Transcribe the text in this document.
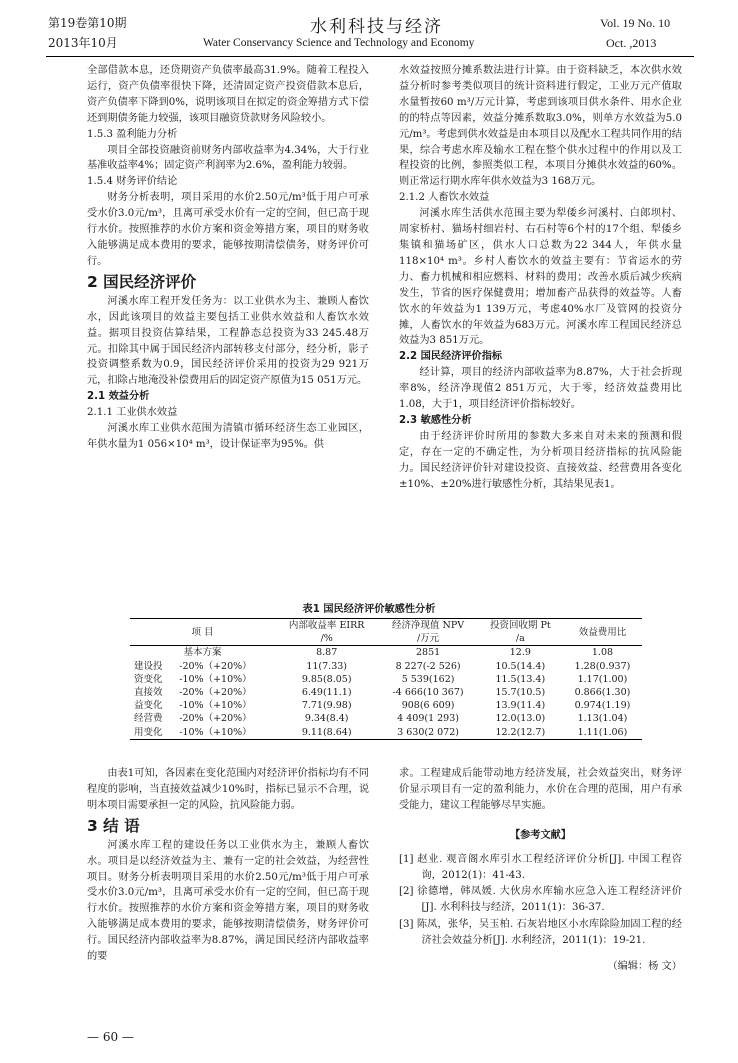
第19卷第10期
2013年10月
水利科技与经济
Water Conservancy Science and Technology and Economy
Vol. 19 No. 10
Oct. ,2013

全部借款本息，还贷期资产负债率最高31.9%。随着工程投入运行，资产负债率很快下降，还清固定资产投资借款本息后，资产负债率下降到0%，说明该项目在拟定的资金筹措方式下偿还到期债务能力较强，该项目融资贷款财务风险较小。

1.5.3 盈利能力分析

项目全部投资融资前财务内部收益率为4.34%，大于行业基准收益率4%；固定资产利润率为2.6%，盈利能力较弱。

1.5.4 财务评价结论

财务分析表明，项目采用的水价2.50元/m³低于用户可承受水价3.0元/m³，且离可承受水价有一定的空间，但已高于现行水价。按照推荐的水价方案和资金筹措方案，项目的财务收入能够满足成本费用的要求，能够按期清偿债务，财务评价可行。

2 国民经济评价

河溪水库工程开发任务为：以工业供水为主、兼顾人畜饮水，因此该项目的效益主要包括工业供水效益和人畜饮水效益。据项目投资估算结果，工程静态总投资为33 245.48万元。扣除其中属于国民经济内部转移支付部分，经分析，影子投资调整系数为0.9，国民经济评价采用的投资为29 921万元，扣除占地淹没补偿费用后的固定资产原值为15 051万元。

2.1 效益分析

2.1.1 工业供水效益

河溪水库工业供水范围为清镇市循环经济生态工业园区，年供水量为1 056×10⁴ m³，设计保证率为95%。供

水效益按照分摊系数法进行计算。由于资料缺乏，本次供水效益分析时参考类似项目的统计资料进行假定，工业万元产值取水量暂按60 m³/万元计算，考虑到该项目供水条件、用水企业的的特点等因素，效益分摊系数取3.0%，则单方水效益为5.0元/m³。考虑到供水效益是由本项目以及配水工程共同作用的结果，综合考虑水库及输水工程在整个供水过程中的作用以及工程投资的比例，参照类似工程，本项目分摊供水效益的60%。则正常运行期水库年供水效益为3 168万元。

2.1.2 人畜饮水效益

河溪水库生活供水范围主要为犁倭乡河溪村、白郎坝村、周家桥村、猫场村细岩村、右石村等6个村的17个组、犁倭乡集镇和猫场矿区，供水人口总数为22 344人，年供水量118×10⁴ m³。乡村人畜饮水的效益主要有：节省运水的劳力、畜力机械和相应燃料、材料的费用；改善水质后减少疾病发生，节省的医疗保健费用；增加畜产品获得的效益等。人畜饮水的年效益为1 139万元，考虑40%水厂及管网的投资分摊，人畜饮水的年效益为683万元。河溪水库工程国民经济总效益为3 851万元。

2.2 国民经济评价指标

经计算，项目的经济内部收益率为8.87%，大于社会折现率8%，经济净现值2 851万元，大于零，经济效益费用比1.08，大于1，项目经济评价指标较好。

2.3 敏感性分析

由于经济评价时所用的参数大多来自对未来的预测和假定，存在一定的不确定性，为分析项目经济指标的抗风险能力。国民经济评价针对建设投资、直接效益、经营费用各变化±10%、±20%进行敏感性分析，其结果见表1。

表1 国民经济评价敏感性分析
项 目		内部收益率 EIRR	经济净现值 NPV	投资回收期 Pt	效益费用比
		/%	/万元	/a	
基本方案		8.87	2851	12.9	1.08
建设投	-20%（+20%）	11(7.33)	8 227(-2 526)	10.5(14.4)	1.28(0.937)
资变化	-10%（+10%）	9.85(8.05)	5 539(162)	11.5(13.4)	1.17(1.00)
直接效	-20%（+20%）	6.49(11.1)	-4 666(10 367)	15.7(10.5)	0.866(1.30)
益变化	-10%（+10%）	7.71(9.98)	908(6 609)	13.9(11.4)	0.974(1.19)
经营费	-20%（+20%）	9.34(8.4)	4 409(1 293)	12.0(13.0)	1.13(1.04)
用变化	-10%（+10%）	9.11(8.64)	3 630(2 072)	12.2(12.7)	1.11(1.06)

由表1可知，各因素在变化范围内对经济评价指标均有不同程度的影响，当直接效益减少10%时，指标已显示不合理，说明本项目需要承担一定的风险，抗风险能力弱。

3 结 语

河溪水库工程的建设任务以工业供水为主，兼顾人畜饮水。项目是以经济效益为主、兼有一定的社会效益，为经营性项目。财务分析表明项目采用的水价2.50元/m³低于用户可承受水价3.0元/m³，且离可承受水价有一定的空间，但已高于现行水价。按照推荐的水价方案和资金筹措方案，项目的财务收入能够满足成本费用的要求，能够按期清偿债务，财务评价可行。国民经济内部收益率为8.87%，满足国民经济内部收益率的要

求。工程建成后能带动地方经济发展，社会效益突出，财务评价显示项目有一定的盈利能力，水价在合理的范围，用户有承受能力，建议工程能够尽早实施。

【参考文献】
[1] 赵业. 观音阁水库引水工程经济评价分析[J]. 中国工程咨询，2012(1)：41-43.
[2] 徐德增，韩凤媛. 大伙房水库输水应急入连工程经济评价[J]. 水利科技与经济，2011(1)：36-37.
[3] 陈凤，张华，吴玉柏. 石灰岩地区小水库除险加固工程的经济社会效益分析[J]. 水利经济，2011(1)：19-21.
（编辑：杨 文）
— 60 —
